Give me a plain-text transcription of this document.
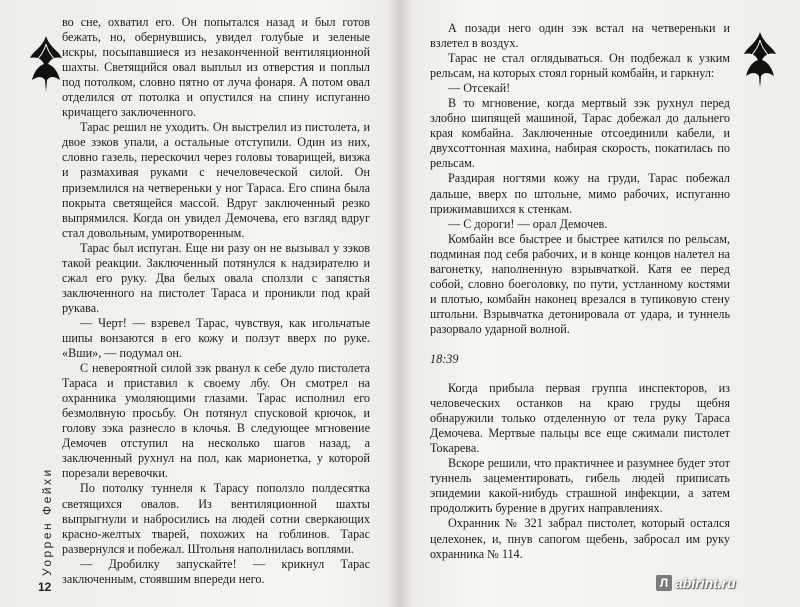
во сне, охватил его. Он попытался назад и был готов бежать, но, обернувшись, увидел голубые и зеленые искры, посыпавшиеся из незаконченной вентиляционной шахты. Светящийся овал выплыл из отверстия и поплыл под потолком, словно пятно от луча фонаря. А потом овал отделился от потолка и опустился на спину испуганно кричащего заключенного.

Тарас решил не уходить. Он выстрелил из пистолета, и двое зэков упали, а остальные отступили. Один из них, словно газель, перескочил через головы товарищей, визжа и размахивая руками с нечеловеческой силой. Он приземлился на четвереньки у ног Тараса. Его спина была покрыта светящейся массой. Вдруг заключенный резко выпрямился. Когда он увидел Демочева, его взгляд вдруг стал довольным, умиротворенным.

Тарас был испуган. Еще ни разу он не вызывал у зэков такой реакции. Заключенный потянулся к надзирателю и сжал его руку. Два белых овала сползли с запястья заключенного на пистолет Тараса и проникли под край рукава.

— Черт! — взревел Тарас, чувствуя, как игольчатые шипы вонзаются в его кожу и ползут вверх по руке. «Вши», — подумал он.

С невероятной силой зэк рванул к себе дуло пистолета Тараса и приставил к своему лбу. Он смотрел на охранника умоляющими глазами. Тарас исполнил его безмолвную просьбу. Он потянул спусковой крючок, и голову зэка разнесло в клочья. В следующее мгновение Демочев отступил на несколько шагов назад, а заключенный рухнул на пол, как марионетка, у которой порезали веревочки.

По потолку туннеля к Тарасу поползло полдесятка светящихся овалов. Из вентиляционной шахты выпрыгнули и набросились на людей сотни сверкающих красно-желтых тварей, похожих на гоблинов. Тарас развернулся и побежал. Штольня наполнилась воплями.

— Дробилку запускайте! — крикнул Тарас заключенным, стоявшим впереди него.

Уоррен Фейхи
12

А позади него один зэк встал на четвереньки и взлетел в воздух.

Тарас не стал оглядываться. Он подбежал к узким рельсам, на которых стоял горный комбайн, и гаркнул:

— Отсекай!

В то мгновение, когда мертвый зэк рухнул перед злобно шипящей машиной, Тарас добежал до дальнего края комбайна. Заключенные отсоединили кабели, и двухсоттонная махина, набирая скорость, покатилась по рельсам.

Раздирая ногтями кожу на груди, Тарас побежал дальше, вверх по штольне, мимо рабочих, испуганно прижимавшихся к стенкам.

— С дороги! — орал Демочев.

Комбайн все быстрее и быстрее катился по рельсам, подминая под себя рабочих, и в конце концов налетел на вагонетку, наполненную взрывчаткой. Катя ее перед собой, словно боеголовку, по пути, устланному костями и плотью, комбайн наконец врезался в тупиковую стену штольни. Взрывчатка детонировала от удара, и туннель разорвало ударной волной.

18:39

Когда прибыла первая группа инспекторов, из человеческих останков на краю груды щебня обнаружили только отделенную от тела руку Тараса Демочева. Мертвые пальцы все еще сжимали пистолет Токарева.

Вскоре решили, что практичнее и разумнее будет этот туннель зацементировать, гибель людей приписать эпидемии какой-нибудь страшной инфекции, а затем продолжить бурение в других направлениях.

Охранник № 321 забрал пистолет, который остался целехонек, и, пнув сапогом щебень, забросал им руку охранника № 114.

Л abirint.ru
